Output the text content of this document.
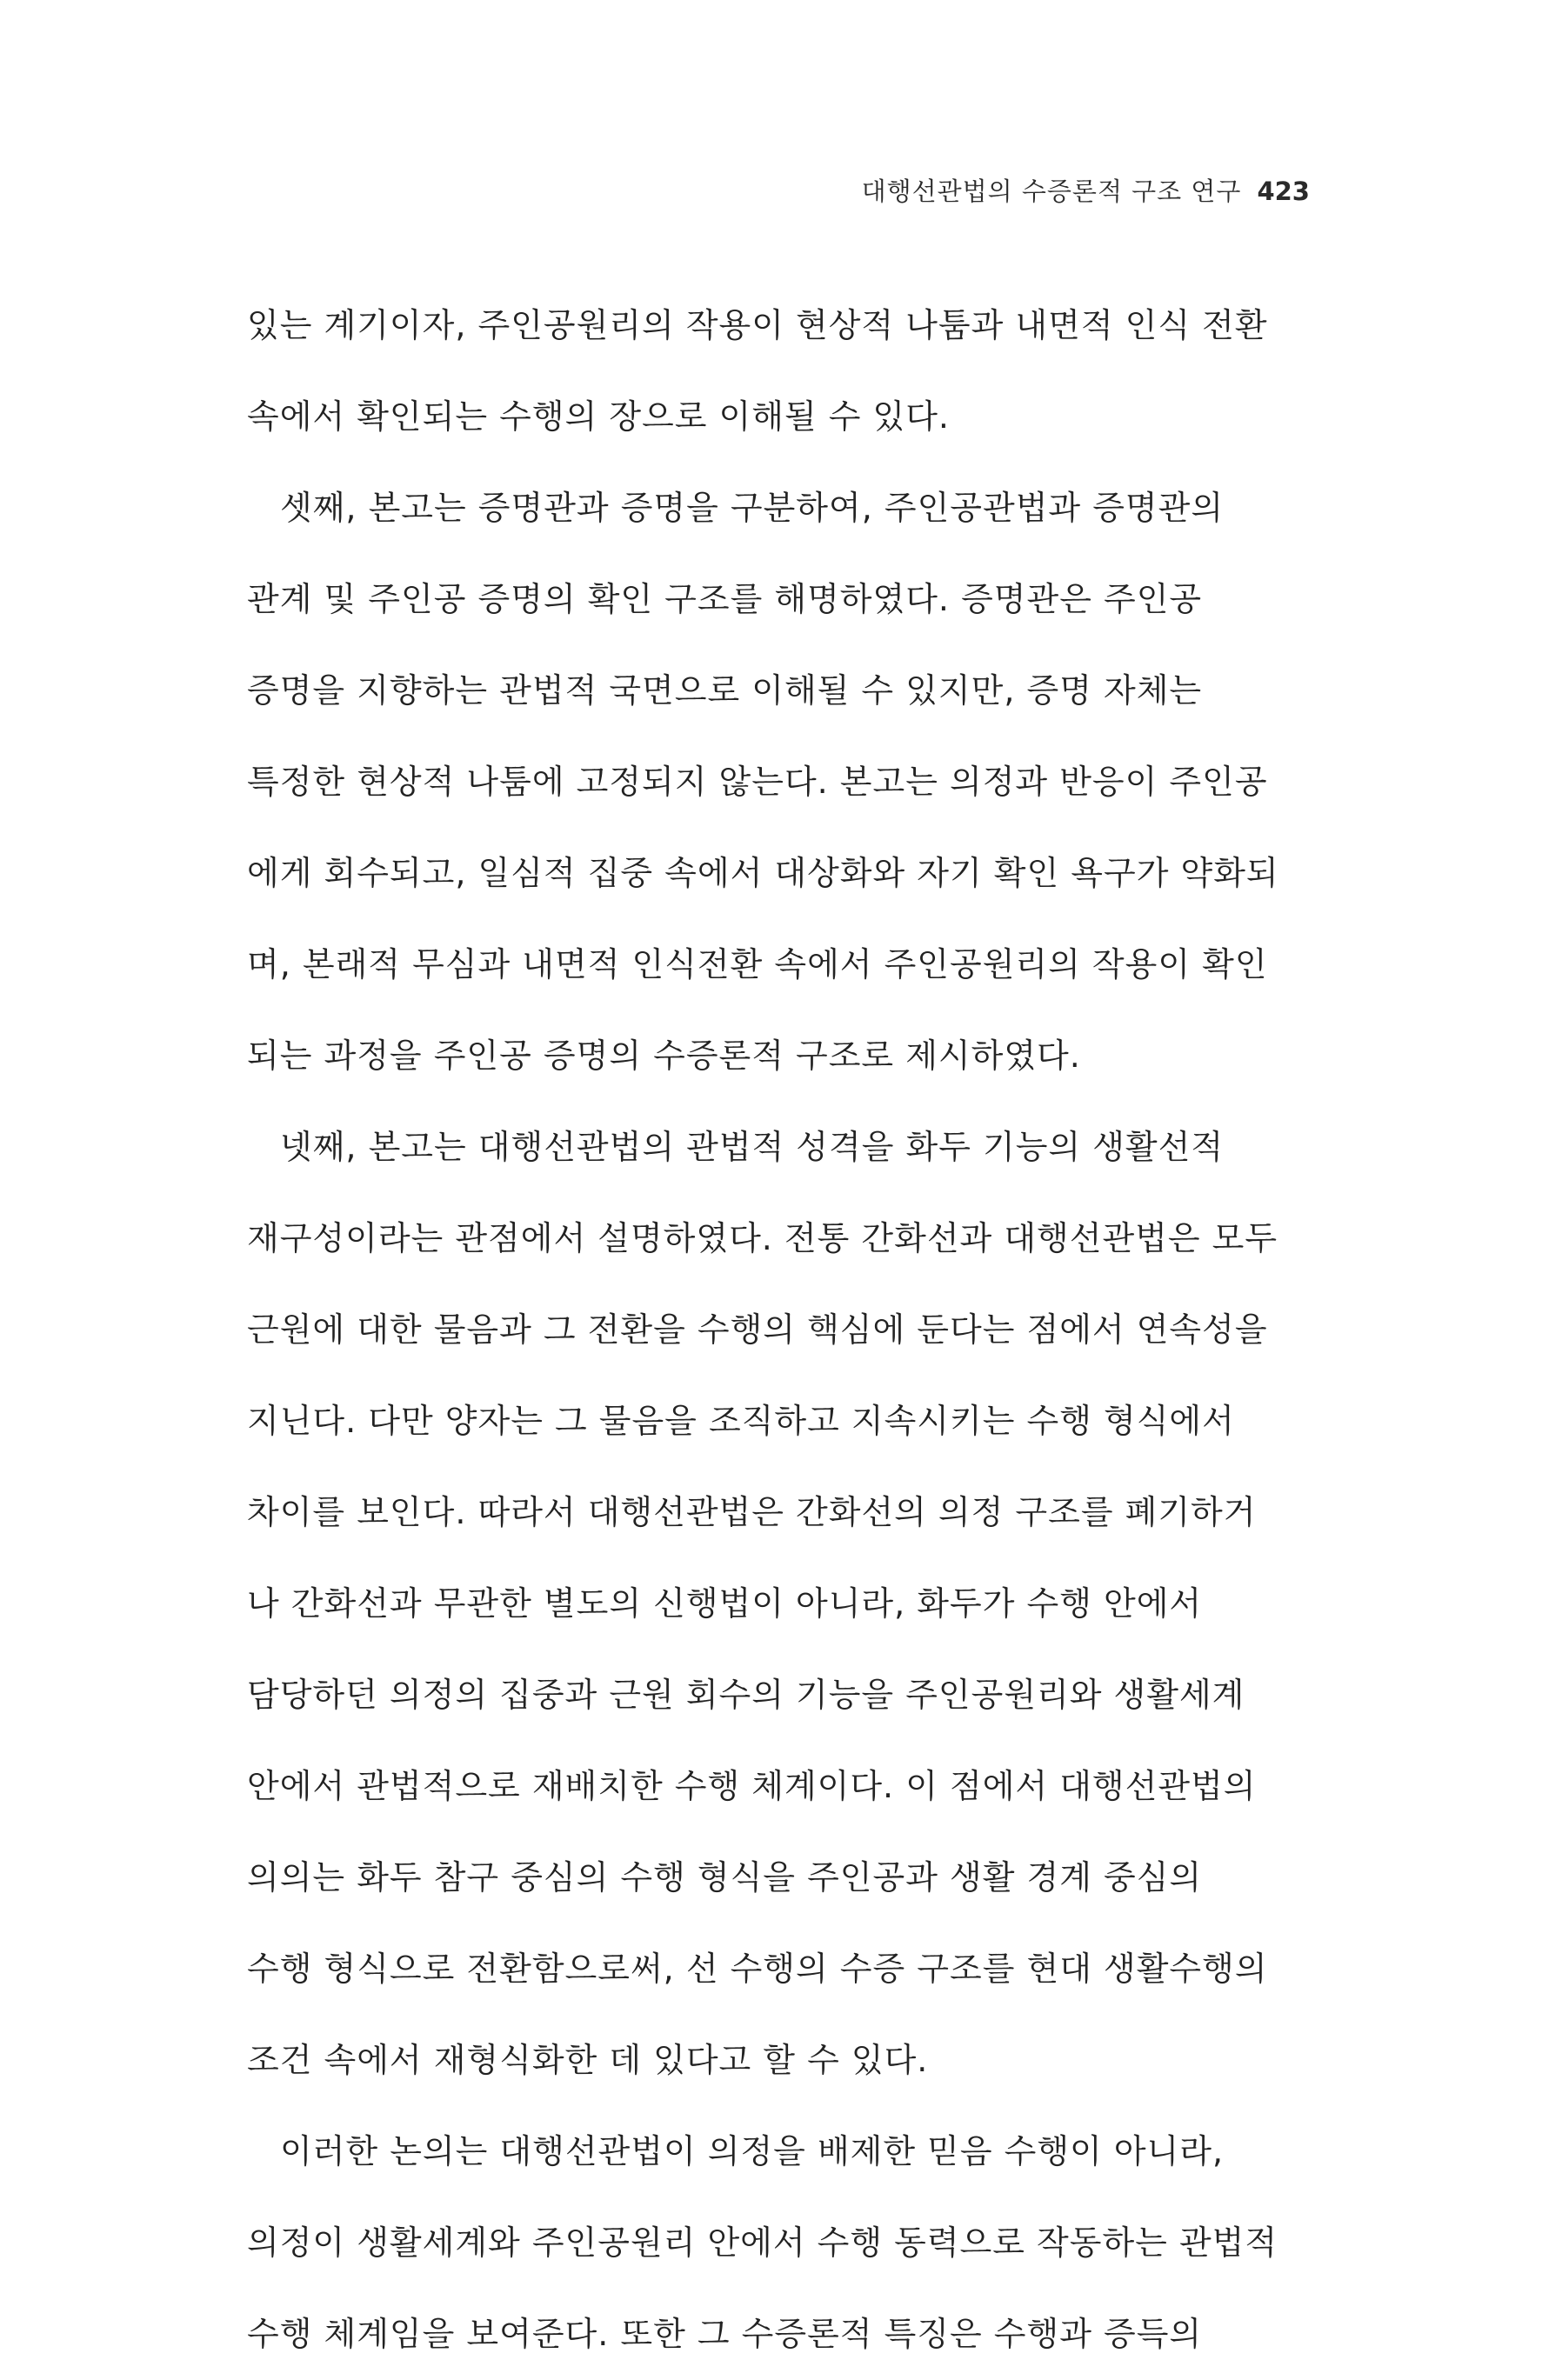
대행선관법의 수증론적 구조 연구 423
있는 계기이자, 주인공원리의 작용이 현상적 나툼과 내면적 인식 전환
속에서 확인되는 수행의 장으로 이해될 수 있다.
셋째, 본고는 증명관과 증명을 구분하여, 주인공관법과 증명관의
관계 및 주인공 증명의 확인 구조를 해명하였다. 증명관은 주인공
증명을 지향하는 관법적 국면으로 이해될 수 있지만, 증명 자체는
특정한 현상적 나툼에 고정되지 않는다. 본고는 의정과 반응이 주인공
에게 회수되고, 일심적 집중 속에서 대상화와 자기 확인 욕구가 약화되
며, 본래적 무심과 내면적 인식전환 속에서 주인공원리의 작용이 확인
되는 과정을 주인공 증명의 수증론적 구조로 제시하였다.
넷째, 본고는 대행선관법의 관법적 성격을 화두 기능의 생활선적
재구성이라는 관점에서 설명하였다. 전통 간화선과 대행선관법은 모두
근원에 대한 물음과 그 전환을 수행의 핵심에 둔다는 점에서 연속성을
지닌다. 다만 양자는 그 물음을 조직하고 지속시키는 수행 형식에서
차이를 보인다. 따라서 대행선관법은 간화선의 의정 구조를 폐기하거
나 간화선과 무관한 별도의 신행법이 아니라, 화두가 수행 안에서
담당하던 의정의 집중과 근원 회수의 기능을 주인공원리와 생활세계
안에서 관법적으로 재배치한 수행 체계이다. 이 점에서 대행선관법의
의의는 화두 참구 중심의 수행 형식을 주인공과 생활 경계 중심의
수행 형식으로 전환함으로써, 선 수행의 수증 구조를 현대 생활수행의
조건 속에서 재형식화한 데 있다고 할 수 있다.
이러한 논의는 대행선관법이 의정을 배제한 믿음 수행이 아니라,
의정이 생활세계와 주인공원리 안에서 수행 동력으로 작동하는 관법적
수행 체계임을 보여준다. 또한 그 수증론적 특징은 수행과 증득의
